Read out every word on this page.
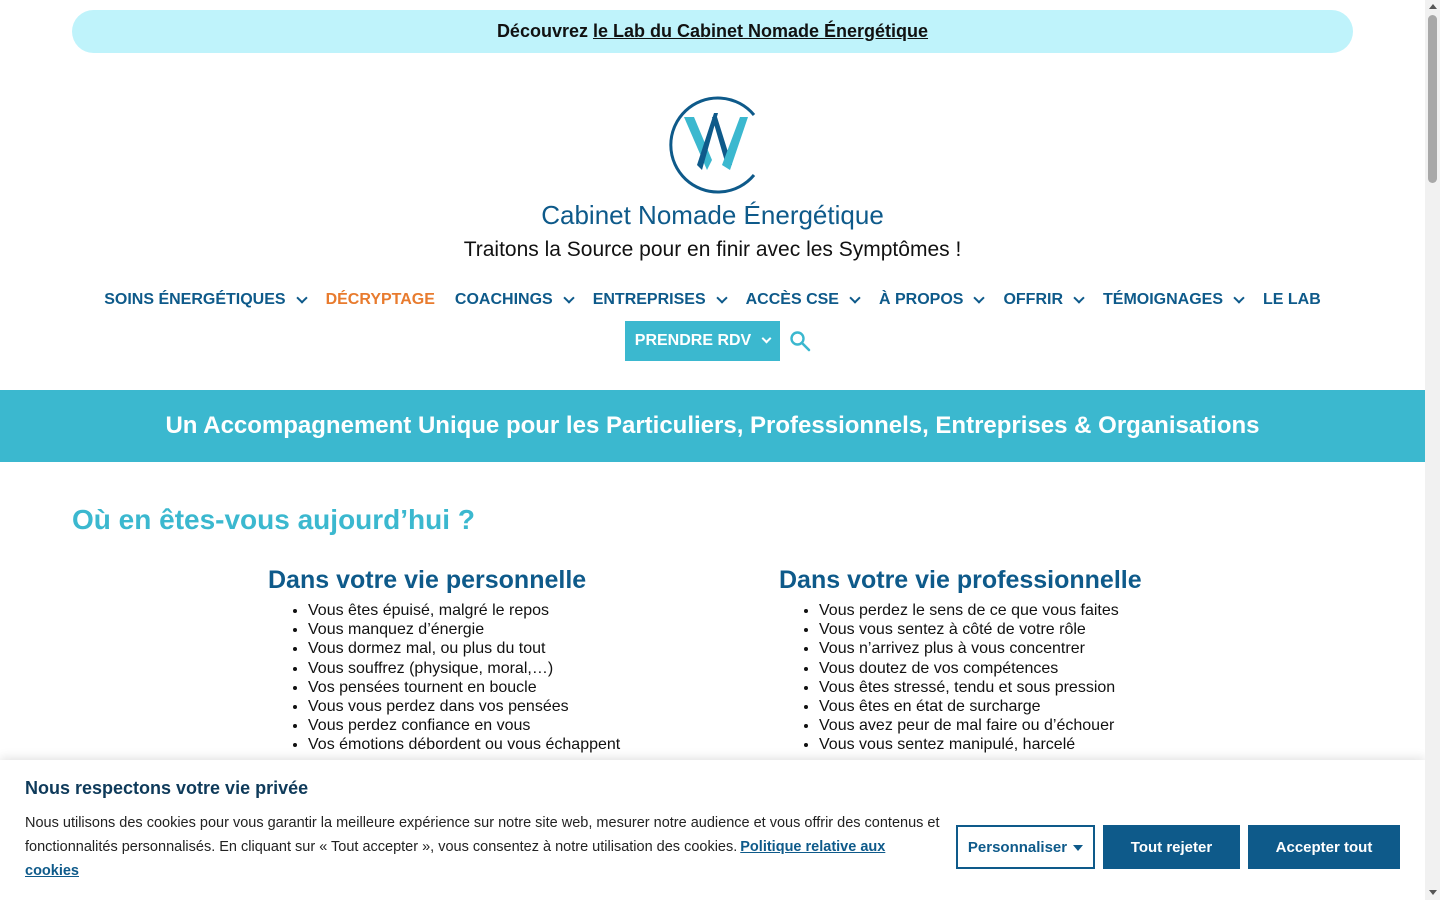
Découvrez le Lab du Cabinet Nomade Énergétique
Cabinet Nomade Énergétique
Traitons la Source pour en finir avec les Symptômes !
SOINS ÉNERGÉTIQUES	DÉCRYPTAGE COACHINGS	ENTREPRISES	ACCÈS CSE	À PROPOS	OFFRIR	TÉMOIGNAGES	LE LAB
PRENDRE RDV
Un Accompagnement Unique pour les Particuliers, Professionnels, Entreprises & Organisations
Où en êtes-vous aujourd’hui ?
Dans votre vie personnelle
• Vous êtes épuisé, malgré le repos
• Vous manquez d’énergie
• Vous dormez mal, ou plus du tout
• Vous souffrez (physique, moral,…)
• Vos pensées tournent en boucle
• Vous vous perdez dans vos pensées
• Vous perdez confiance en vous
• Vos émotions débordent ou vous échappent
Dans votre vie professionnelle
• Vous perdez le sens de ce que vous faites
• Vous vous sentez à côté de votre rôle
• Vous n’arrivez plus à vous concentrer
• Vous doutez de vos compétences
• Vous êtes stressé, tendu et sous pression
• Vous êtes en état de surcharge
• Vous avez peur de mal faire ou d’échouer
• Vous vous sentez manipulé, harcelé
Nous respectons votre vie privée
Nous utilisons des cookies pour vous garantir la meilleure expérience sur notre site web, mesurer notre audience et vous offrir des contenus et fonctionnalités personnalisés. En cliquant sur « Tout accepter », vous consentez à notre utilisation des cookies. Politique relative aux cookies
Personnaliser	Tout rejeter	Accepter tout
